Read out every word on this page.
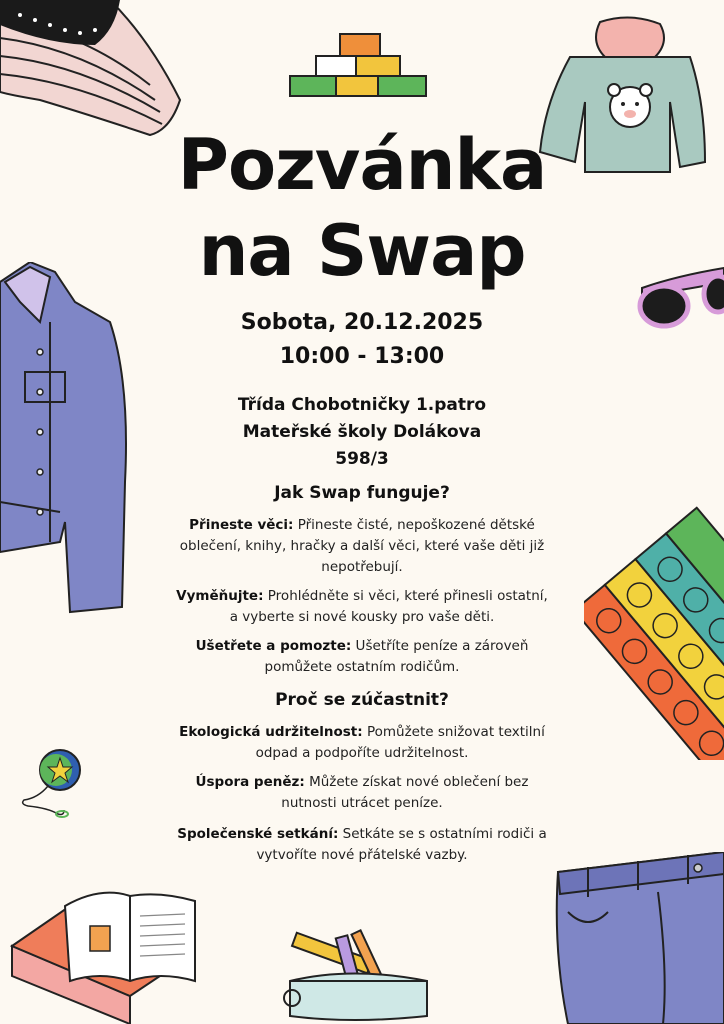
Pozvánka
na Swap
Sobota, 20.12.2025
10:00 - 13:00
Třída Chobotničky 1.patro
Mateřské školy Dolákova
598/3
Jak Swap funguje?
Přineste věci: Přineste čisté, nepoškozené dětské oblečení, knihy, hračky a další věci, které vaše děti již nepotřebují.
Vyměňujte: Prohlédněte si věci, které přinesli ostatní, a vyberte si nové kousky pro vaše děti.
Ušetřete a pomozte: Ušetříte peníze a zároveň pomůžete ostatním rodičům.
Proč se zúčastnit?
Ekologická udržitelnost: Pomůžete snižovat textilní odpad a podpoříte udržitelnost.
Úspora peněz: Můžete získat nové oblečení bez nutnosti utrácet peníze.
Společenské setkání: Setkáte se s ostatními rodiči a vytvoříte nové přátelské vazby.
